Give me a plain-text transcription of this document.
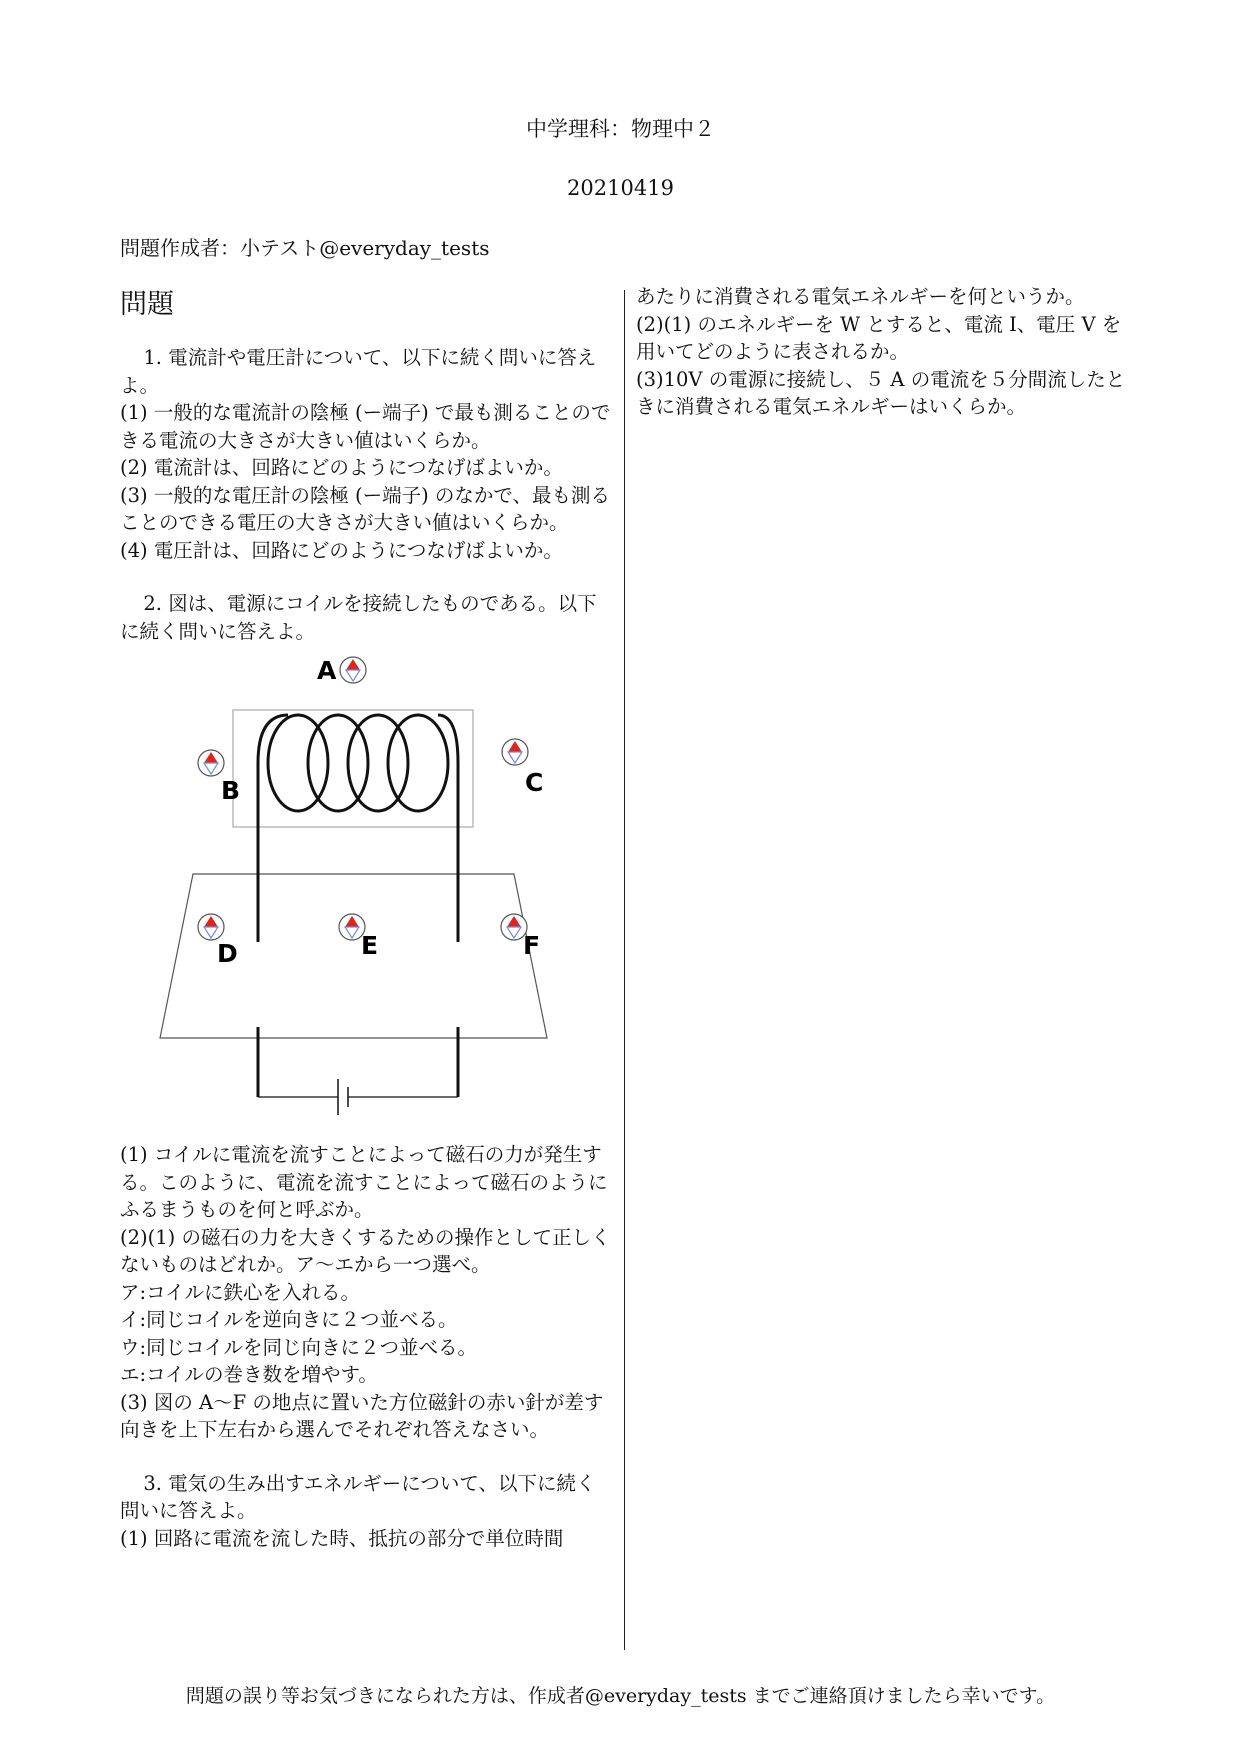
中学理科：物理中２
20210419
問題作成者：小テスト@everyday_tests
問題
1. 電流計や電圧計について、以下に続く問いに答えよ。
(1) 一般的な電流計の陰極 (ー端子) で最も測ることのできる電流の大きさが大きい値はいくらか。
(2) 電流計は、回路にどのようにつなげばよいか。
(3) 一般的な電圧計の陰極 (ー端子) のなかで、最も測ることのできる電圧の大きさが大きい値はいくらか。
(4) 電圧計は、回路にどのようにつなげばよいか。
2. 図は、電源にコイルを接続したものである。以下に続く問いに答えよ。
A
B	C
D	E	F
(1) コイルに電流を流すことによって磁石の力が発生する。このように、電流を流すことによって磁石のようにふるまうものを何と呼ぶか。
(2)(1) の磁石の力を大きくするための操作として正しくないものはどれか。ア〜エから一つ選べ。
ア:コイルに鉄心を入れる。
イ:同じコイルを逆向きに２つ並べる。
ウ:同じコイルを同じ向きに２つ並べる。
エ:コイルの巻き数を増やす。
(3) 図の A〜F の地点に置いた方位磁針の赤い針が差す向きを上下左右から選んでそれぞれ答えなさい。
3. 電気の生み出すエネルギーについて、以下に続く問いに答えよ。
(1) 回路に電流を流した時、抵抗の部分で単位時間
あたりに消費される電気エネルギーを何というか。
(2)(1) のエネルギーを W とすると、電流 I、電圧 V を用いてどのように表されるか。
(3)10V の電源に接続し、５ A の電流を５分間流したときに消費される電気エネルギーはいくらか。
問題の誤り等お気づきになられた方は、作成者@everyday_tests までご連絡頂けましたら幸いです。
